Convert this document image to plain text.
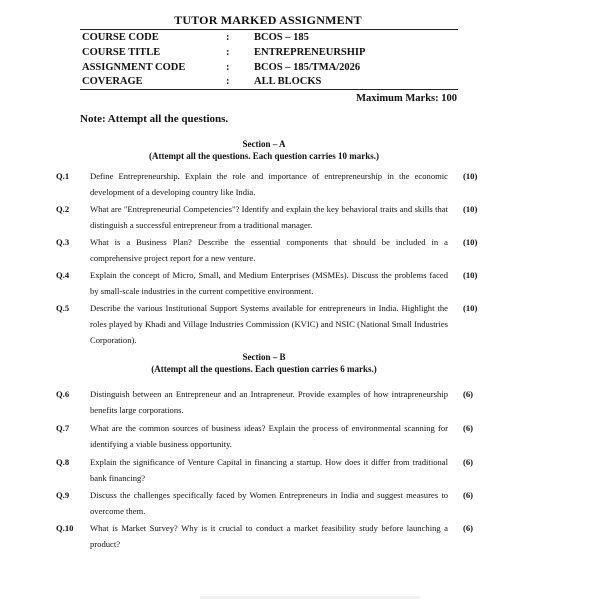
TUTOR MARKED ASSIGNMENT
COURSE CODE	: BCOS – 185
COURSE TITLE	: ENTREPRENEURSHIP
ASSIGNMENT CODE	: BCOS – 185/TMA/2026
COVERAGE	: ALL BLOCKS
Maximum Marks: 100
Note: Attempt all the questions.
Section – A
(Attempt all the questions. Each question carries 10 marks.)
Q.1 Define Entrepreneurship. Explain the role and importance of entrepreneurship in the economic development of a developing country like India.
(10)
Q.2 What are "Entrepreneurial Competencies"? Identify and explain the key behavioral traits and skills that distinguish a successful entrepreneur from a traditional manager.
(10)
Q.3 What is a Business Plan? Describe the essential components that should be included in a comprehensive project report for a new venture.
(10)
Q.4 Explain the concept of Micro, Small, and Medium Enterprises (MSMEs). Discuss the problems faced by small-scale industries in the current competitive environment.
(10)
Q.5 Describe the various Institutional Support Systems available for entrepreneurs in India. Highlight the roles played by Khadi and Village Industries Commission (KVIC) and NSIC (National Small Industries Corporation).
(10)
Section – B
(Attempt all the questions. Each question carries 6 marks.)
Q.6 Distinguish between an Entrepreneur and an Intrapreneur. Provide examples of how intrapreneurship benefits large corporations.
(6)
Q.7 What are the common sources of business ideas? Explain the process of environmental scanning for identifying a viable business opportunity.
(6)
Q.8 Explain the significance of Venture Capital in financing a startup. How does it differ from traditional bank financing?
(6)
Q.9 Discuss the challenges specifically faced by Women Entrepreneurs in India and suggest measures to overcome them.
(6)
Q.10 What is Market Survey? Why is it crucial to conduct a market feasibility study before launching a product?
(6)
